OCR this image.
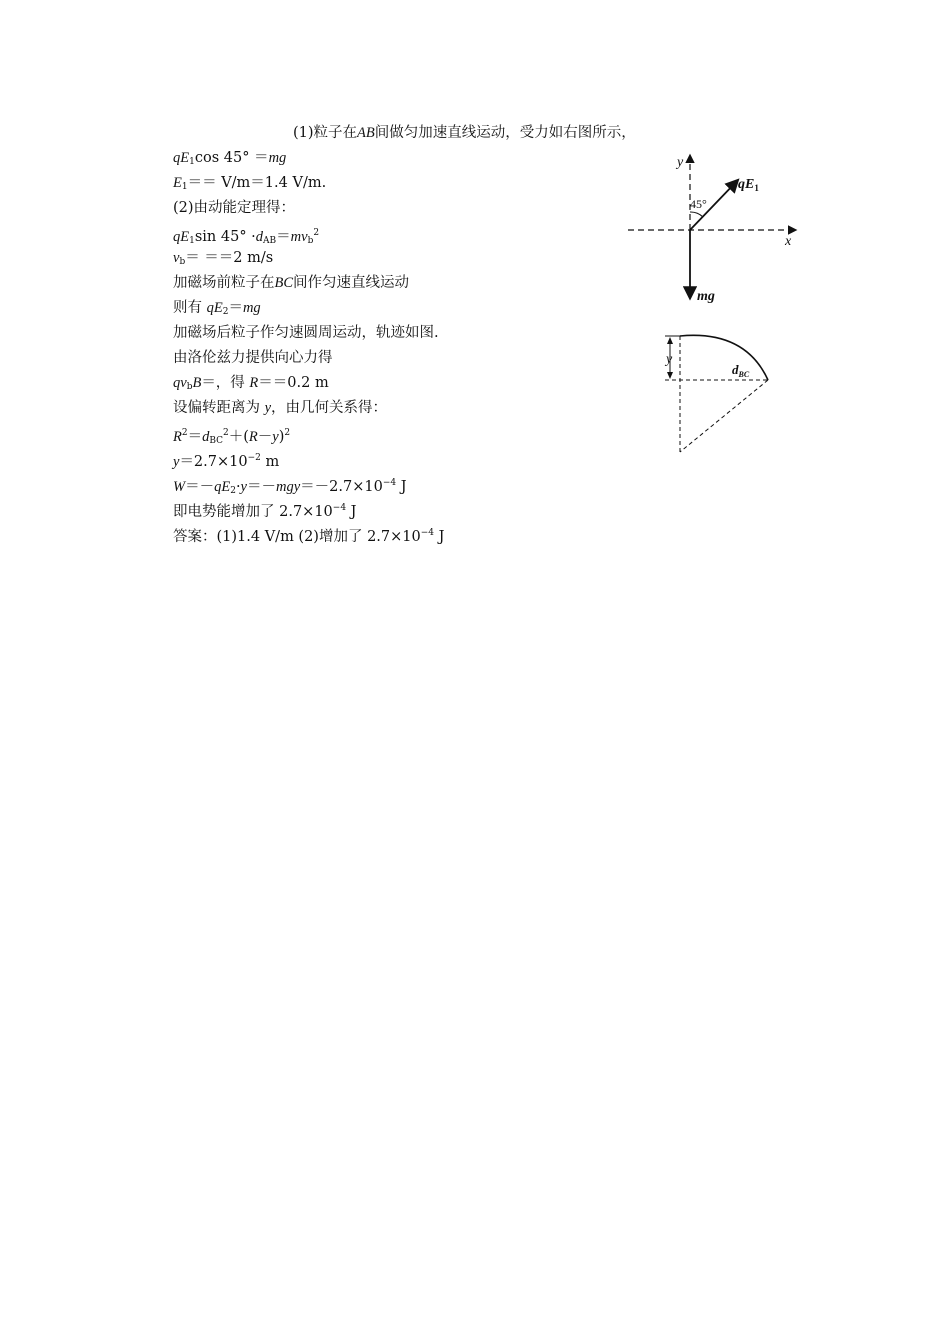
(1)粒子在AB间做匀加速直线运动，受力如右图所示，
$qE_1\cos$ 45° ＝mg
$E_1== V/m=1.4$ V/m.
(2)由动能定理得：
$qE_1\sin$ $45^\circ \cdot d_{AB}=mv_b^2$
$v_b= ==2$ m/s
加磁场前粒子在BC间作匀速直线运动
则有 $qE_2=mg$
加磁场后粒子作匀速圆周运动，轨迹如图.
由洛伦兹力提供向心力得
$qv_bB=$，得 R＝＝0.2 m
设偏转距离为 y，由几何关系得：
$R^2=d_{BC}^2+(R-y)^2$
$y=2.7\times 10^{-2}$ m
$W=-qE_2\cdot y=-mgy=-2.7\times 10^{-4}$ J
即电势能增加了 $2.7\times 10^{-4}$ J
答案：(1)1.4 V/m (2)增加了 $2.7\times 10^{-4}$ J
y
x
45°
$qE_1$
mg
y
$d_{BC}$
